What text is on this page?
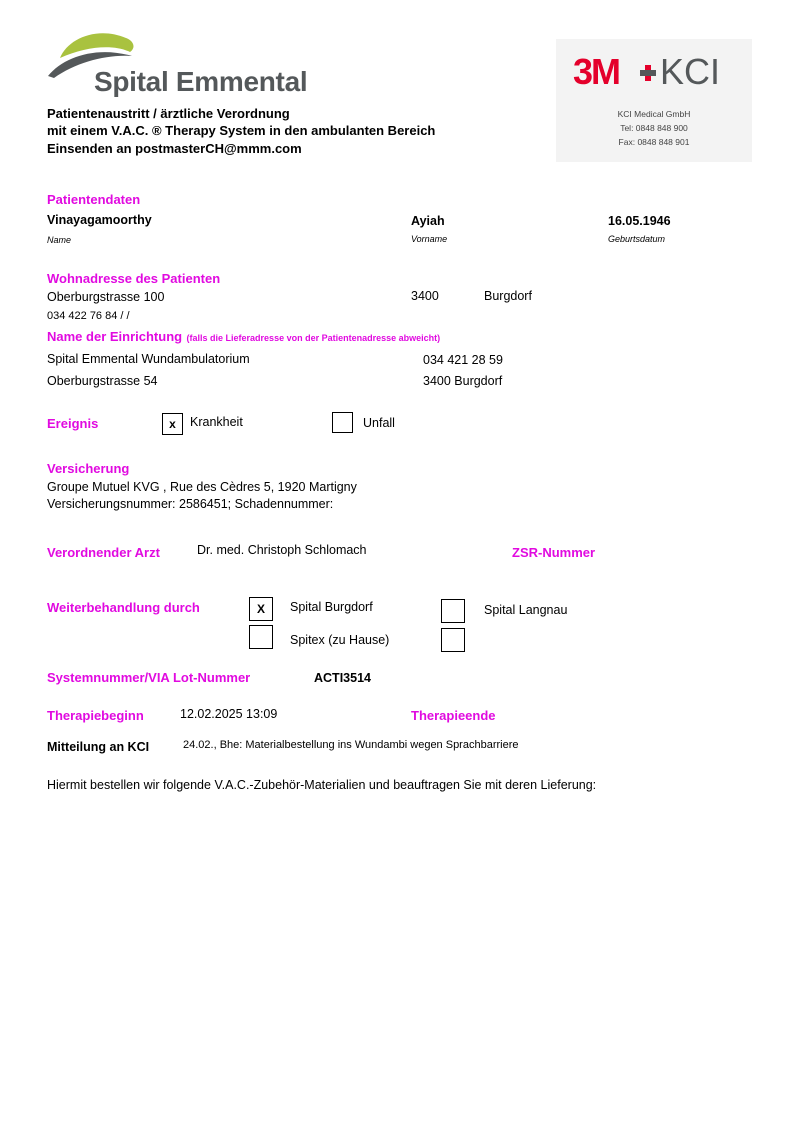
Spital Emmental
Patientenaustritt / ärztliche Verordnung
mit einem V.A.C. ® Therapy System in den ambulanten Bereich
Einsenden an postmasterCH@mmm.com
3M KCI
KCI Medical GmbH
Tel: 0848 848 900
Fax: 0848 848 901
Patientendaten
Vinayagamoorthy	Ayiah	16.05.1946
Name	Vorname	Geburtsdatum
Wohnadresse des Patienten
Oberburgstrasse 100	3400	Burgdorf
034 422 76 84 / /
Name der Einrichtung (falls die Lieferadresse von der Patientenadresse abweicht)
Spital Emmental Wundambulatorium	034 421 28 59
Oberburgstrasse 54	3400 Burgdorf
Ereignis	x	Krankheit	Unfall
Versicherung
Groupe Mutuel KVG , Rue des Cèdres 5, 1920 Martigny
Versicherungsnummer: 2586451; Schadennummer:
Verordnender Arzt	Dr. med. Christoph Schlomach	ZSR-Nummer
Weiterbehandlung durch	X	Spital Burgdorf	Spital Langnau
Spitex (zu Hause)
Systemnummer/VIA Lot-Nummer	ACTI3514
Therapiebeginn	12.02.2025 13:09	Therapieende
Mitteilung an KCI	24.02., Bhe: Materialbestellung ins Wundambi wegen Sprachbarriere
Hiermit bestellen wir folgende V.A.C.-Zubehör-Materialien und beauftragen Sie mit deren Lieferung:
